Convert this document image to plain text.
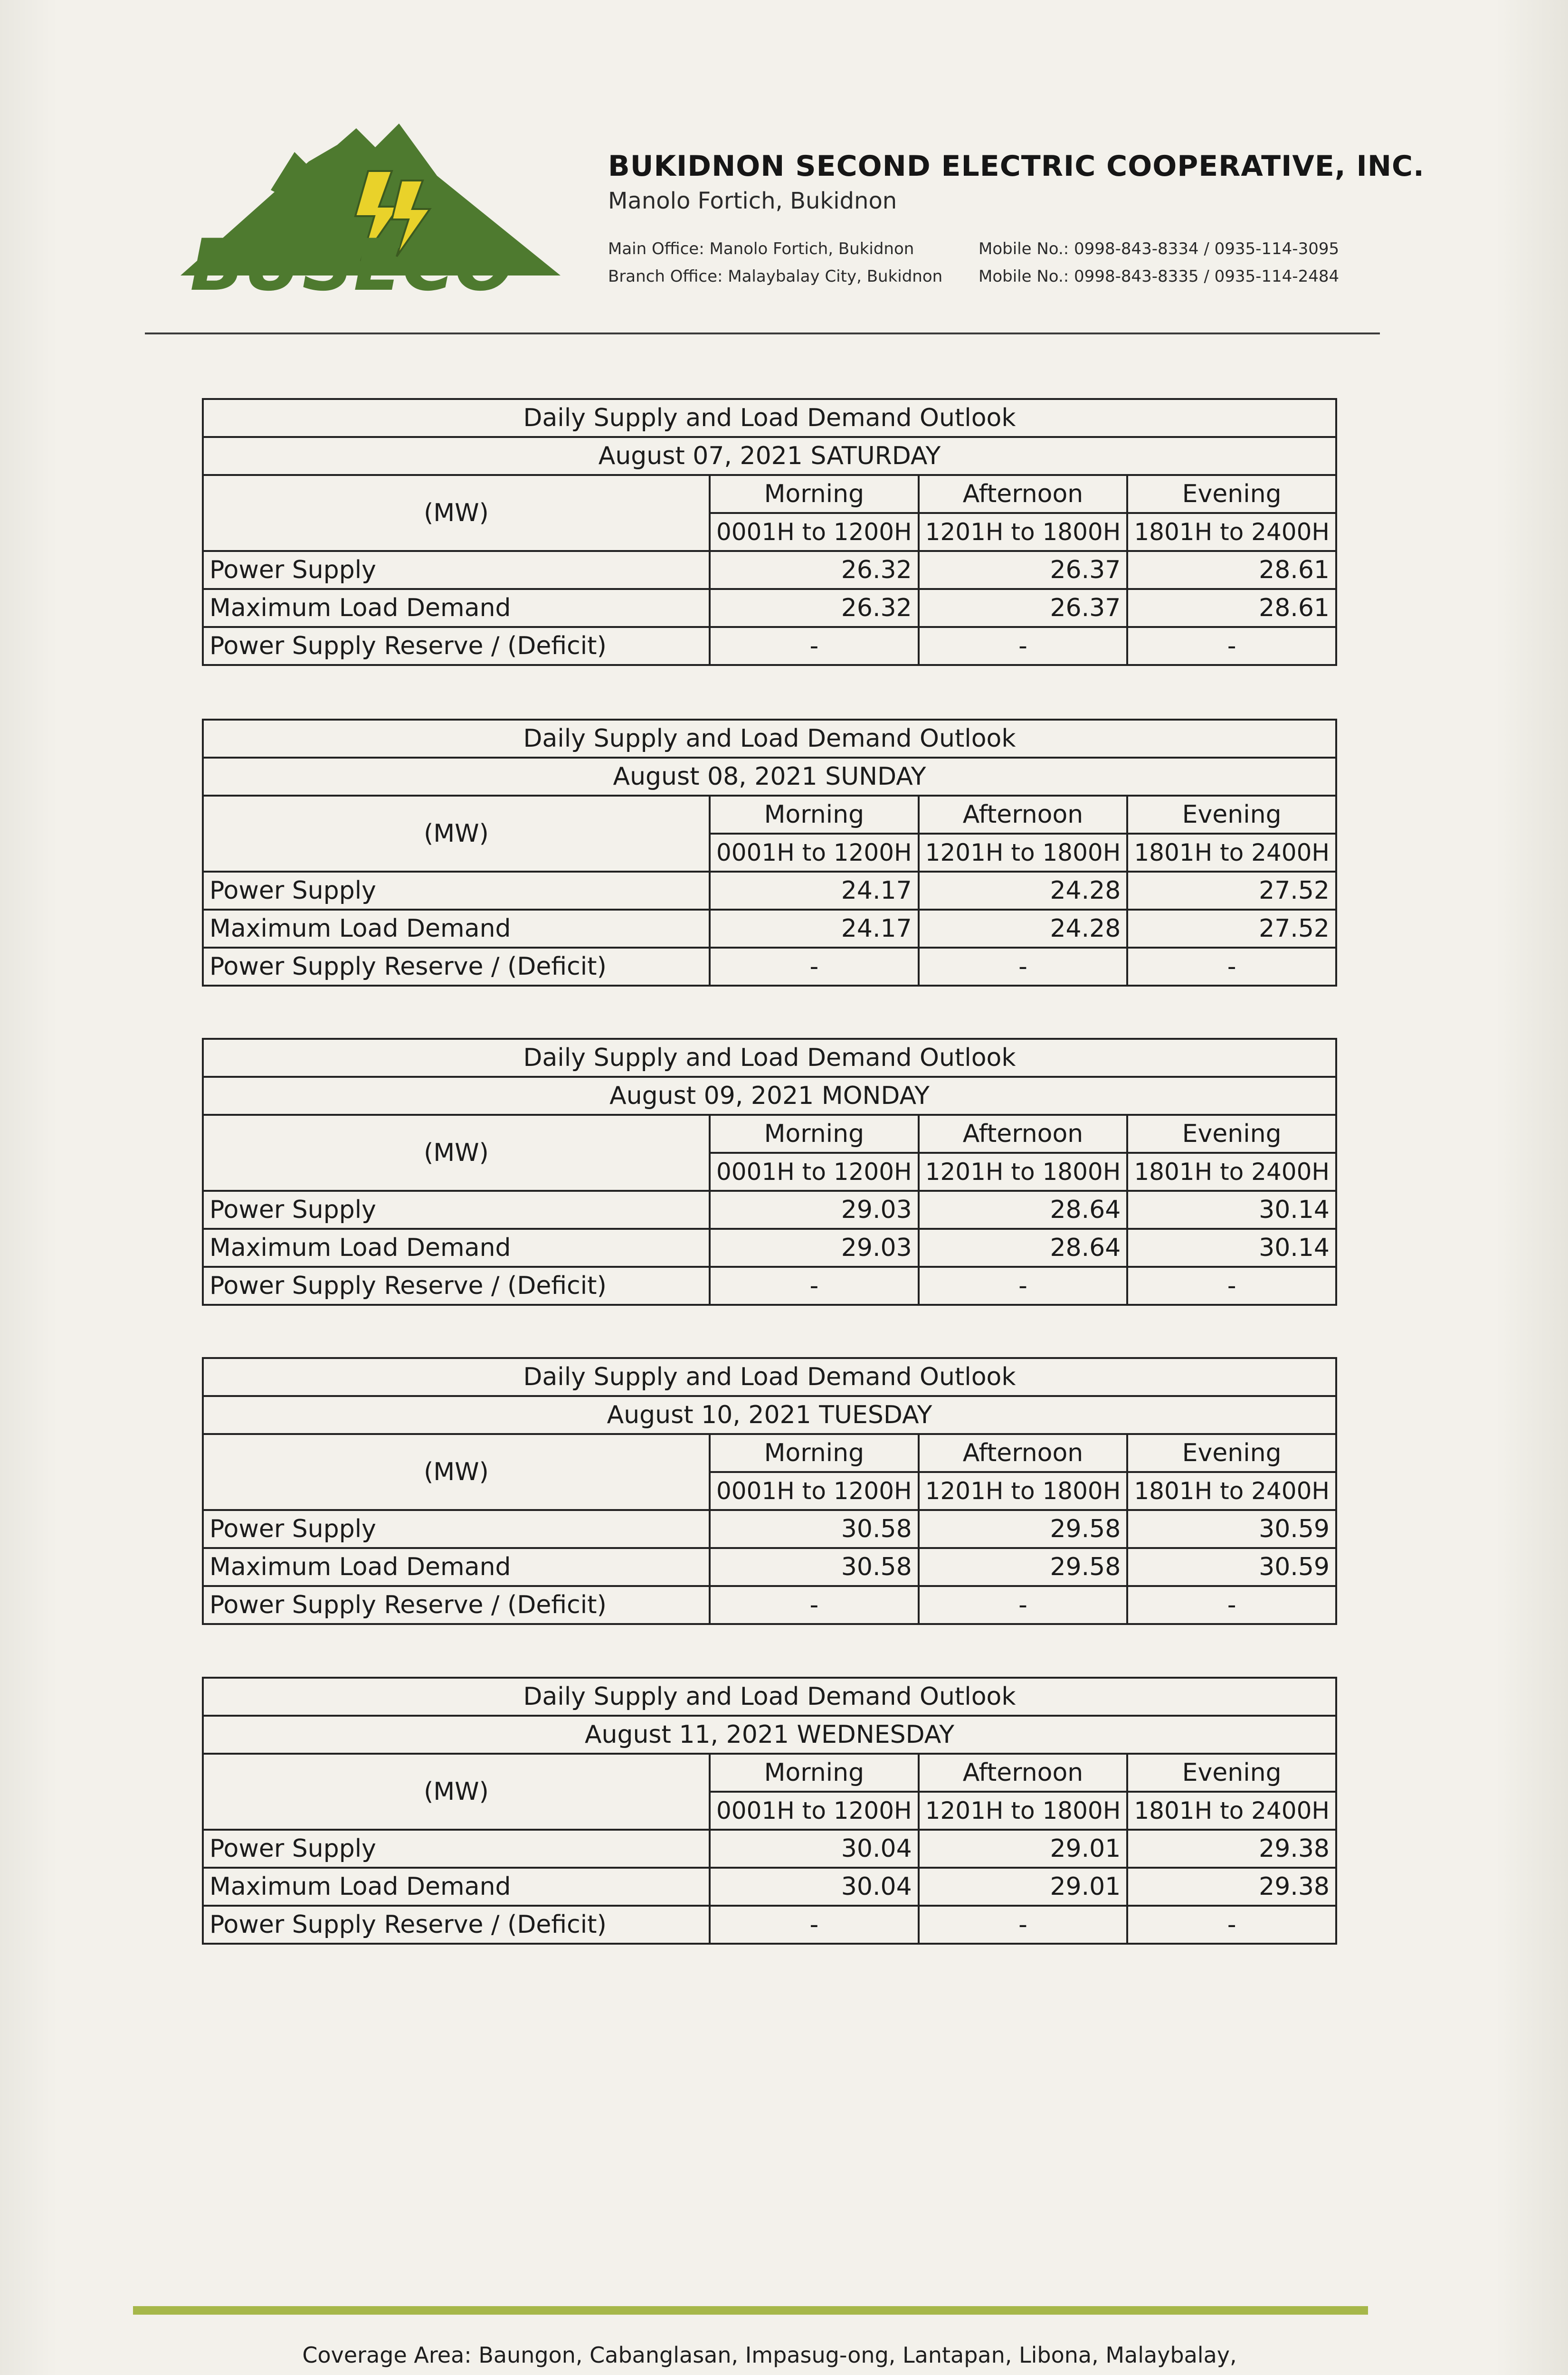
BUSECO
BUKIDNON SECOND ELECTRIC COOPERATIVE, INC.
Manolo Fortich, Bukidnon
Main Office: Manolo Fortich, Bukidnon	Mobile No.: 0998-843-8334 / 0935-114-3095
Branch Office: Malaybalay City, Bukidnon	Mobile No.: 0998-843-8335 / 0935-114-2484
Daily Supply and Load Demand Outlook			
August 07, 2021 SATURDAY			
(MW)	Morning	Afternoon	Evening
	0001H to 1200H	1201H to 1800H	1801H to 2400H
Power Supply	26.32	26.37	28.61
Maximum Load Demand	26.32	26.37	28.61
Power Supply Reserve / (Deficit)	-	-	-
Daily Supply and Load Demand Outlook			
August 08, 2021 SUNDAY			
(MW)	Morning	Afternoon	Evening
	0001H to 1200H	1201H to 1800H	1801H to 2400H
Power Supply	24.17	24.28	27.52
Maximum Load Demand	24.17	24.28	27.52
Power Supply Reserve / (Deficit)	-	-	-
Daily Supply and Load Demand Outlook			
August 09, 2021 MONDAY			
(MW)	Morning	Afternoon	Evening
	0001H to 1200H	1201H to 1800H	1801H to 2400H
Power Supply	29.03	28.64	30.14
Maximum Load Demand	29.03	28.64	30.14
Power Supply Reserve / (Deficit)	-	-	-
Daily Supply and Load Demand Outlook			
August 10, 2021 TUESDAY			
(MW)	Morning	Afternoon	Evening
	0001H to 1200H	1201H to 1800H	1801H to 2400H
Power Supply	30.58	29.58	30.59
Maximum Load Demand	30.58	29.58	30.59
Power Supply Reserve / (Deficit)	-	-	-
Daily Supply and Load Demand Outlook			
August 11, 2021 WEDNESDAY			
(MW)	Morning	Afternoon	Evening
	0001H to 1200H	1201H to 1800H	1801H to 2400H
Power Supply	30.04	29.01	29.38
Maximum Load Demand	30.04	29.01	29.38
Power Supply Reserve / (Deficit)	-	-	-
Coverage Area: Baungon, Cabanglasan, Impasug-ong, Lantapan, Libona, Malaybalay,
